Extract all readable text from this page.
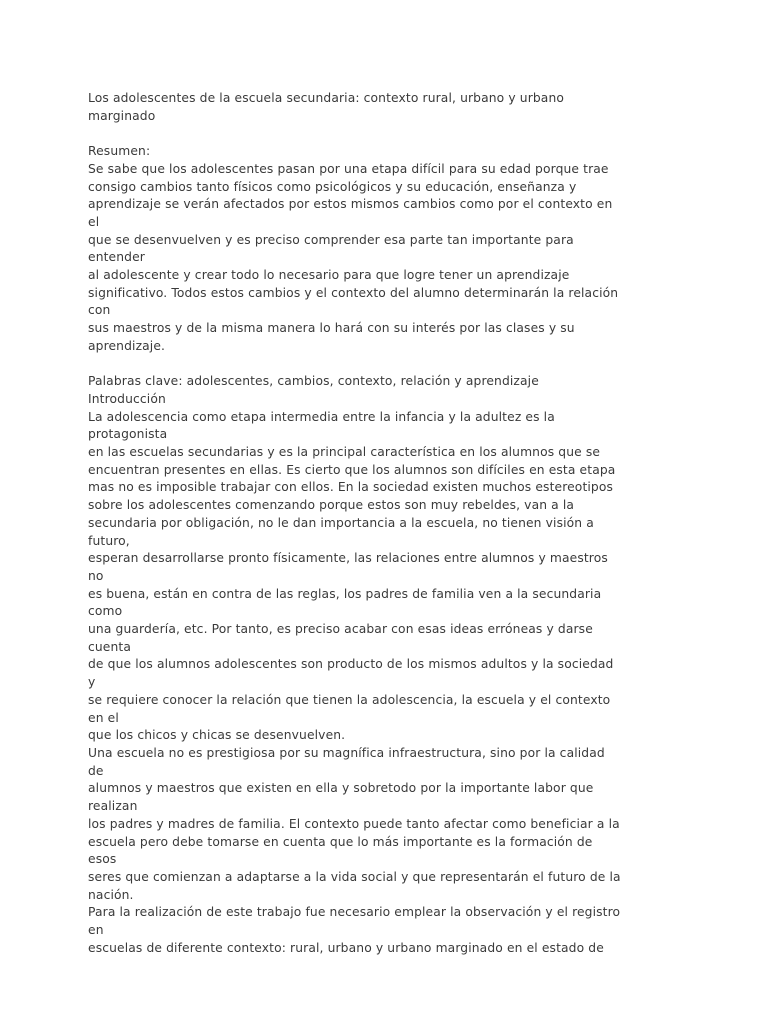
Los adolescentes de la escuela secundaria: contexto rural, urbano y urbano
marginado
Resumen:
Se sabe que los adolescentes pasan por una etapa difícil para su edad porque trae
consigo cambios tanto físicos como psicológicos y su educación, enseñanza y
aprendizaje se verán afectados por estos mismos cambios como por el contexto en
el
que se desenvuelven y es preciso comprender esa parte tan importante para
entender
al adolescente y crear todo lo necesario para que logre tener un aprendizaje
significativo. Todos estos cambios y el contexto del alumno determinarán la relación
con
sus maestros y de la misma manera lo hará con su interés por las clases y su
aprendizaje.
Palabras clave: adolescentes, cambios, contexto, relación y aprendizaje
Introducción
La adolescencia como etapa intermedia entre la infancia y la adultez es la
protagonista
en las escuelas secundarias y es la principal característica en los alumnos que se
encuentran presentes en ellas. Es cierto que los alumnos son difíciles en esta etapa
mas no es imposible trabajar con ellos. En la sociedad existen muchos estereotipos
sobre los adolescentes comenzando porque estos son muy rebeldes, van a la
secundaria por obligación, no le dan importancia a la escuela, no tienen visión a
futuro,
esperan desarrollarse pronto físicamente, las relaciones entre alumnos y maestros
no
es buena, están en contra de las reglas, los padres de familia ven a la secundaria
como
una guardería, etc. Por tanto, es preciso acabar con esas ideas erróneas y darse
cuenta
de que los alumnos adolescentes son producto de los mismos adultos y la sociedad
y
se requiere conocer la relación que tienen la adolescencia, la escuela y el contexto
en el
que los chicos y chicas se desenvuelven.
Una escuela no es prestigiosa por su magnífica infraestructura, sino por la calidad
de
alumnos y maestros que existen en ella y sobretodo por la importante labor que
realizan
los padres y madres de familia. El contexto puede tanto afectar como beneficiar a la
escuela pero debe tomarse en cuenta que lo más importante es la formación de
esos
seres que comienzan a adaptarse a la vida social y que representarán el futuro de la
nación.
Para la realización de este trabajo fue necesario emplear la observación y el registro
en
escuelas de diferente contexto: rural, urbano y urbano marginado en el estado de
